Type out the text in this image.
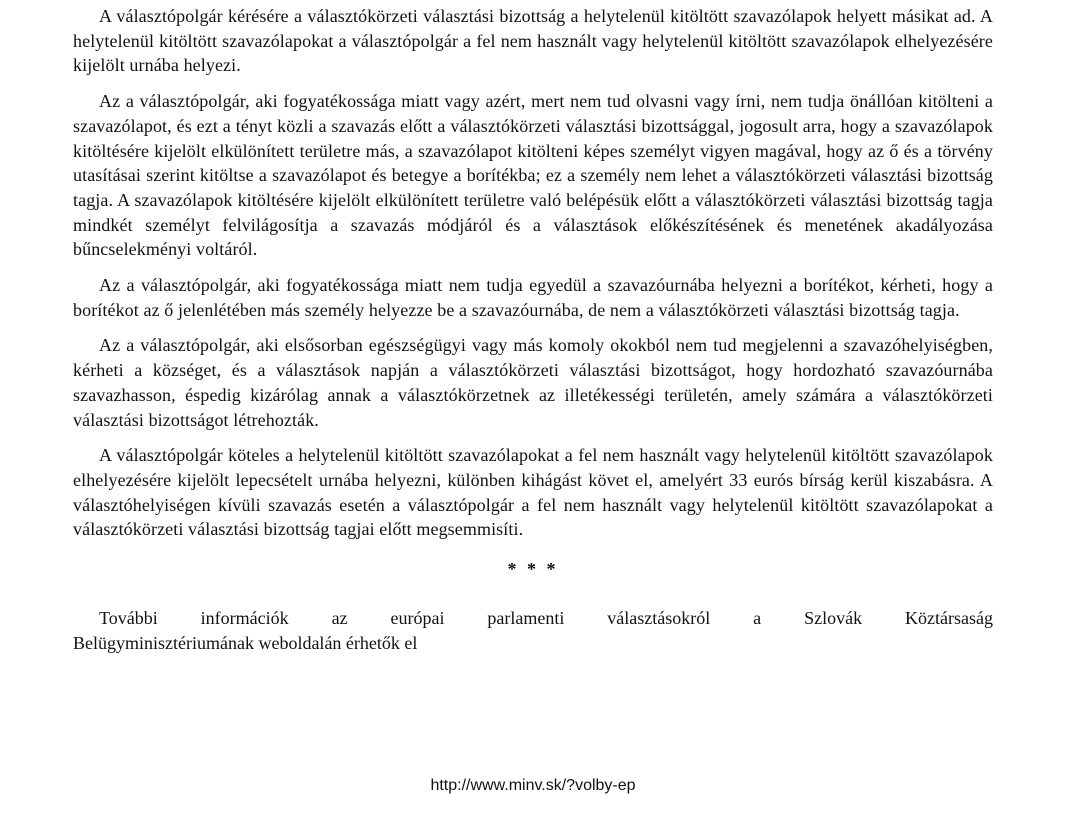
A választópolgár kérésére a választókörzeti választási bizottság a helytelenül kitöltött szavazólapok helyett másikat ad. A helytelenül kitöltött szavazólapokat a választópolgár a fel nem használt vagy helytelenül kitöltött szavazólapok elhelyezésére kijelölt urnába helyezi.

Az a választópolgár, aki fogyatékossága miatt vagy azért, mert nem tud olvasni vagy írni, nem tudja önállóan kitölteni a szavazólapot, és ezt a tényt közli a szavazás előtt a választókörzeti választási bizottsággal, jogosult arra, hogy a szavazólapok kitöltésére kijelölt elkülönített területre más, a szavazólapot kitölteni képes személyt vigyen magával, hogy az ő és a törvény utasításai szerint kitöltse a szavazólapot és betegye a borítékba; ez a személy nem lehet a választókörzeti választási bizottság tagja. A szavazólapok kitöltésére kijelölt elkülönített területre való belépésük előtt a választókörzeti választási bizottság tagja mindkét személyt felvilágosítja a szavazás módjáról és a választások előkészítésének és menetének akadályozása bűncselekményi voltáról.

Az a választópolgár, aki fogyatékossága miatt nem tudja egyedül a szavazóurnába helyezni a borítékot, kérheti, hogy a borítékot az ő jelenlétében más személy helyezze be a szavazóurnába, de nem a választókörzeti választási bizottság tagja.

Az a választópolgár, aki elsősorban egészségügyi vagy más komoly okokból nem tud megjelenni a szavazóhelyiségben, kérheti a községet, és a választások napján a választókörzeti választási bizottságot, hogy hordozható szavazóurnába szavazhasson, éspedig kizárólag annak a választókörzetnek az illetékességi területén, amely számára a választókörzeti választási bizottságot létrehozták.

A választópolgár köteles a helytelenül kitöltött szavazólapokat a fel nem használt vagy helytelenül kitöltött szavazólapok elhelyezésére kijelölt lepecsételt urnába helyezni, különben kihágást követ el, amelyért 33 eurós bírság kerül kiszabásra. A választóhelyiségen kívüli szavazás esetén a választópolgár a fel nem használt vagy helytelenül kitöltött szavazólapokat a választókörzeti választási bizottság tagjai előtt megsemmisíti.

* * *
További információk az európai parlamenti választásokról a Szlovák Köztársaság
Belügyminisztériumának weboldalán érhetők el
http://www.minv.sk/?volby-ep
